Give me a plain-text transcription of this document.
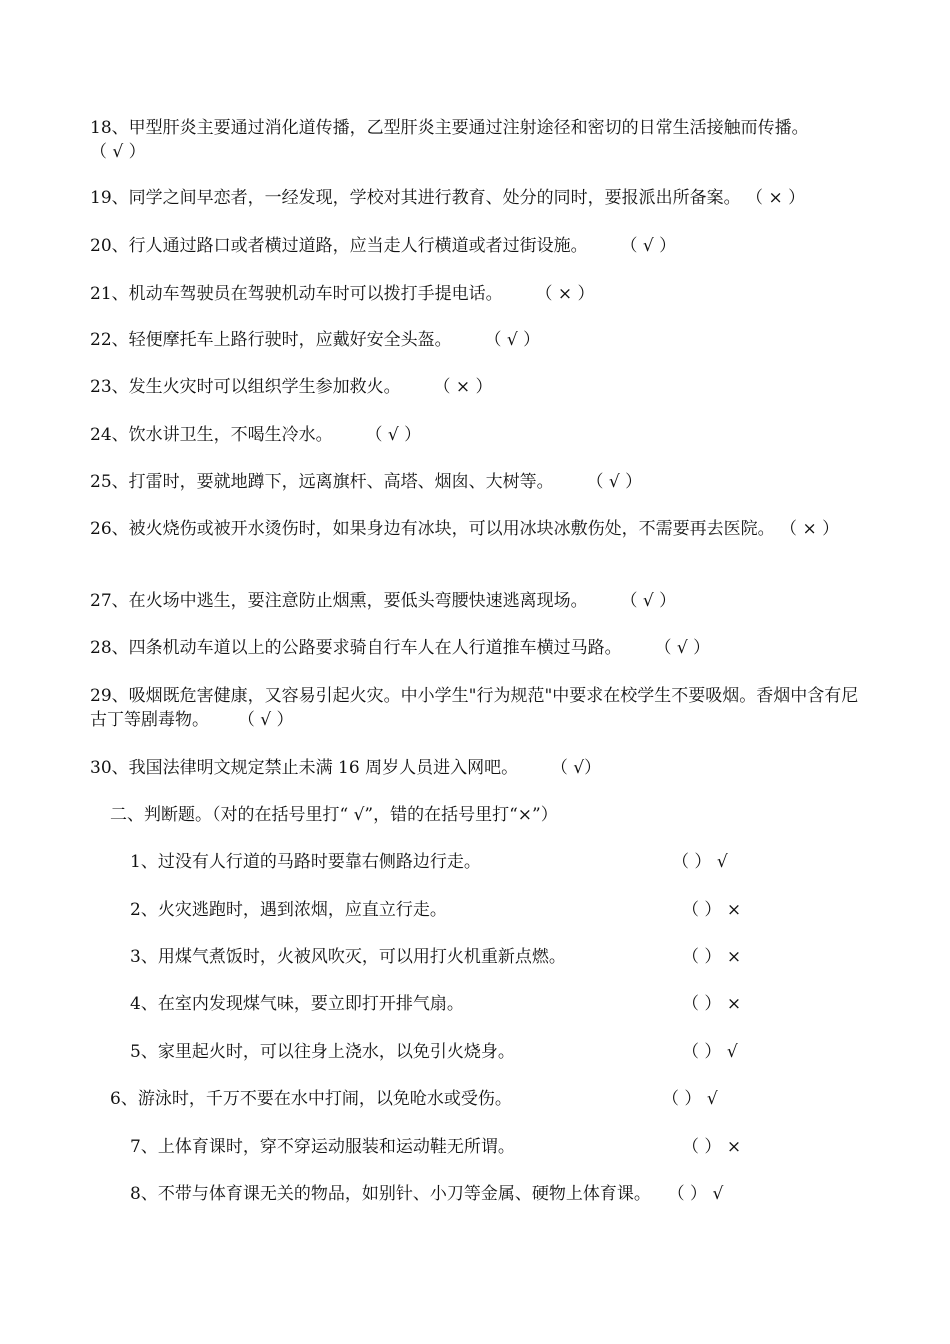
18、甲型肝炎主要通过消化道传播，乙型肝炎主要通过注射途径和密切的日常生活接触而传播。  （ √ ）
19、同学之间早恋者，一经发现，学校对其进行教育、处分的同时，要报派出所备案。 （ × ）
20、行人通过路口或者横过道路，应当走人行横道或者过街设施。 （ √ ）
21、机动车驾驶员在驾驶机动车时可以拨打手提电话。 （ × ）
22、轻便摩托车上路行驶时，应戴好安全头盔。 （ √ ）
23、发生火灾时可以组织学生参加救火。 （ × ）
24、饮水讲卫生，不喝生冷水。 （ √ ）
25、打雷时，要就地蹲下，远离旗杆、高塔、烟囱、大树等。 （ √ ）
26、被火烧伤或被开水烫伤时，如果身边有冰块，可以用冰块冰敷伤处，不需要再去医院。 （ × ）
27、在火场中逃生，要注意防止烟熏，要低头弯腰快速逃离现场。 （ √ ）
28、四条机动车道以上的公路要求骑自行车人在人行道推车横过马路。 （ √ ）
29、吸烟既危害健康，又容易引起火灾。中小学生"行为规范"中要求在校学生不要吸烟。香烟中含有尼古丁等剧毒物。 （ √ ）
30、我国法律明文规定禁止未满 16 周岁人员进入网吧。 （ √）
二、判断题。（对的在括号里打“ √”，错的在括号里打“×”）
1、过没有人行道的马路时要靠右侧路边行走。	（ ） √
2、火灾逃跑时，遇到浓烟，应直立行走。	（ ） ×
3、用煤气煮饭时，火被风吹灭，可以用打火机重新点燃。	（ ） ×
4、在室内发现煤气味，要立即打开排气扇。	（ ） ×
5、家里起火时，可以往身上浇水，以免引火烧身。	（ ） √
6、游泳时，千万不要在水中打闹，以免呛水或受伤。	（ ） √
7、上体育课时，穿不穿运动服装和运动鞋无所谓。	（ ） ×
8、不带与体育课无关的物品，如别针、小刀等金属、硬物上体育课。 （ ） √
